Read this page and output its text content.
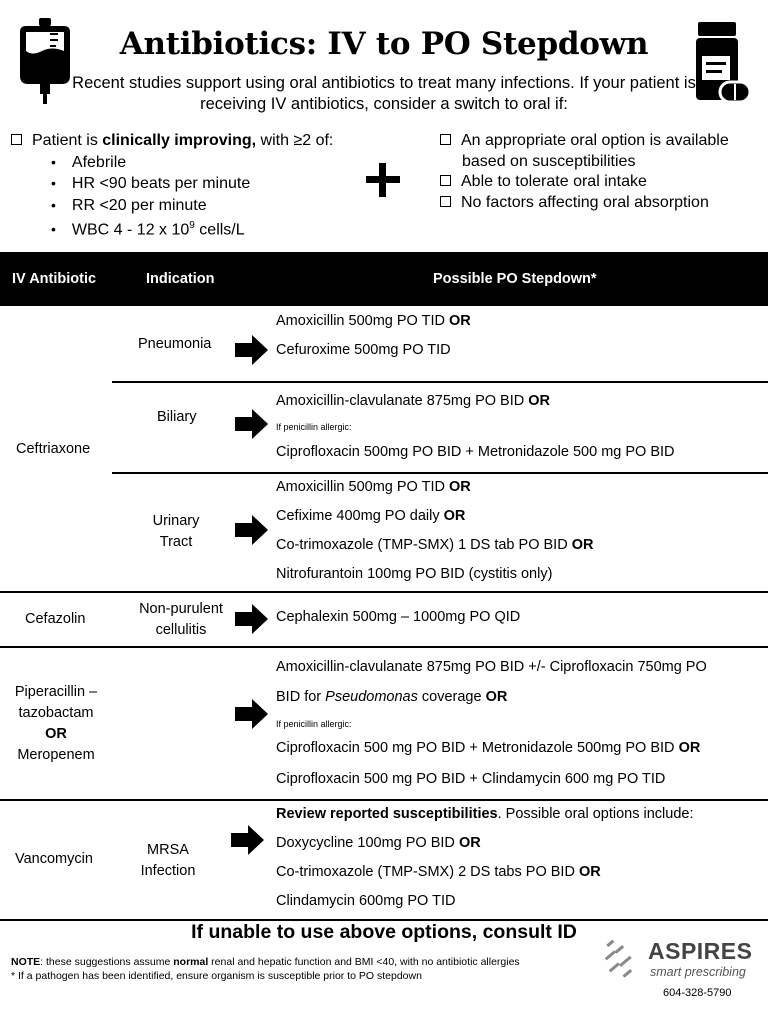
Antibiotics: IV to PO Stepdown
Recent studies support using oral antibiotics to treat many infections. If your patient is receiving IV antibiotics, consider a switch to oral if:
Patient is clinically improving, with ≥2 of:
• Afebrile
• HR <90 beats per minute
• RR <20 per minute
• WBC 4 - 12 x $10^9$ cells/L
An appropriate oral option is available
based on susceptibilities
Able to tolerate oral intake
No factors affecting oral absorption
IV Antibiotic	Indication	Possible PO Stepdown*
Ceftriaxone
Pneumonia
Amoxicillin 500mg PO TID OR
Cefuroxime 500mg PO TID
Biliary
Amoxicillin-clavulanate 875mg PO BID OR
If penicillin allergic:
Ciprofloxacin 500mg PO BID + Metronidazole 500 mg PO BID
Urinary
Tract
Amoxicillin 500mg PO TID OR
Cefixime 400mg PO daily OR
Co-trimoxazole (TMP-SMX) 1 DS tab PO BID OR
Nitrofurantoin 100mg PO BID (cystitis only)
Cefazolin
Non-purulent
cellulitis
Cephalexin 500mg – 1000mg PO QID
Piperacillin –
tazobactam
OR
Meropenem
Amoxicillin-clavulanate 875mg PO BID +/- Ciprofloxacin 750mg PO
BID for Pseudomonas coverage OR
If penicillin allergic:
Ciprofloxacin 500 mg PO BID + Metronidazole 500mg PO BID OR
Ciprofloxacin 500 mg PO BID + Clindamycin 600 mg PO TID
Vancomycin
MRSA
Infection
Review reported susceptibilities. Possible oral options include:
Doxycycline 100mg PO BID OR
Co-trimoxazole (TMP-SMX) 2 DS tabs PO BID OR
Clindamycin 600mg PO TID
If unable to use above options, consult ID
NOTE: these suggestions assume normal renal and hepatic function and BMI <40, with no antibiotic allergies
* If a pathogen has been identified, ensure organism is susceptible prior to PO stepdown
ASPIRES
smart prescribing
604-328-5790
